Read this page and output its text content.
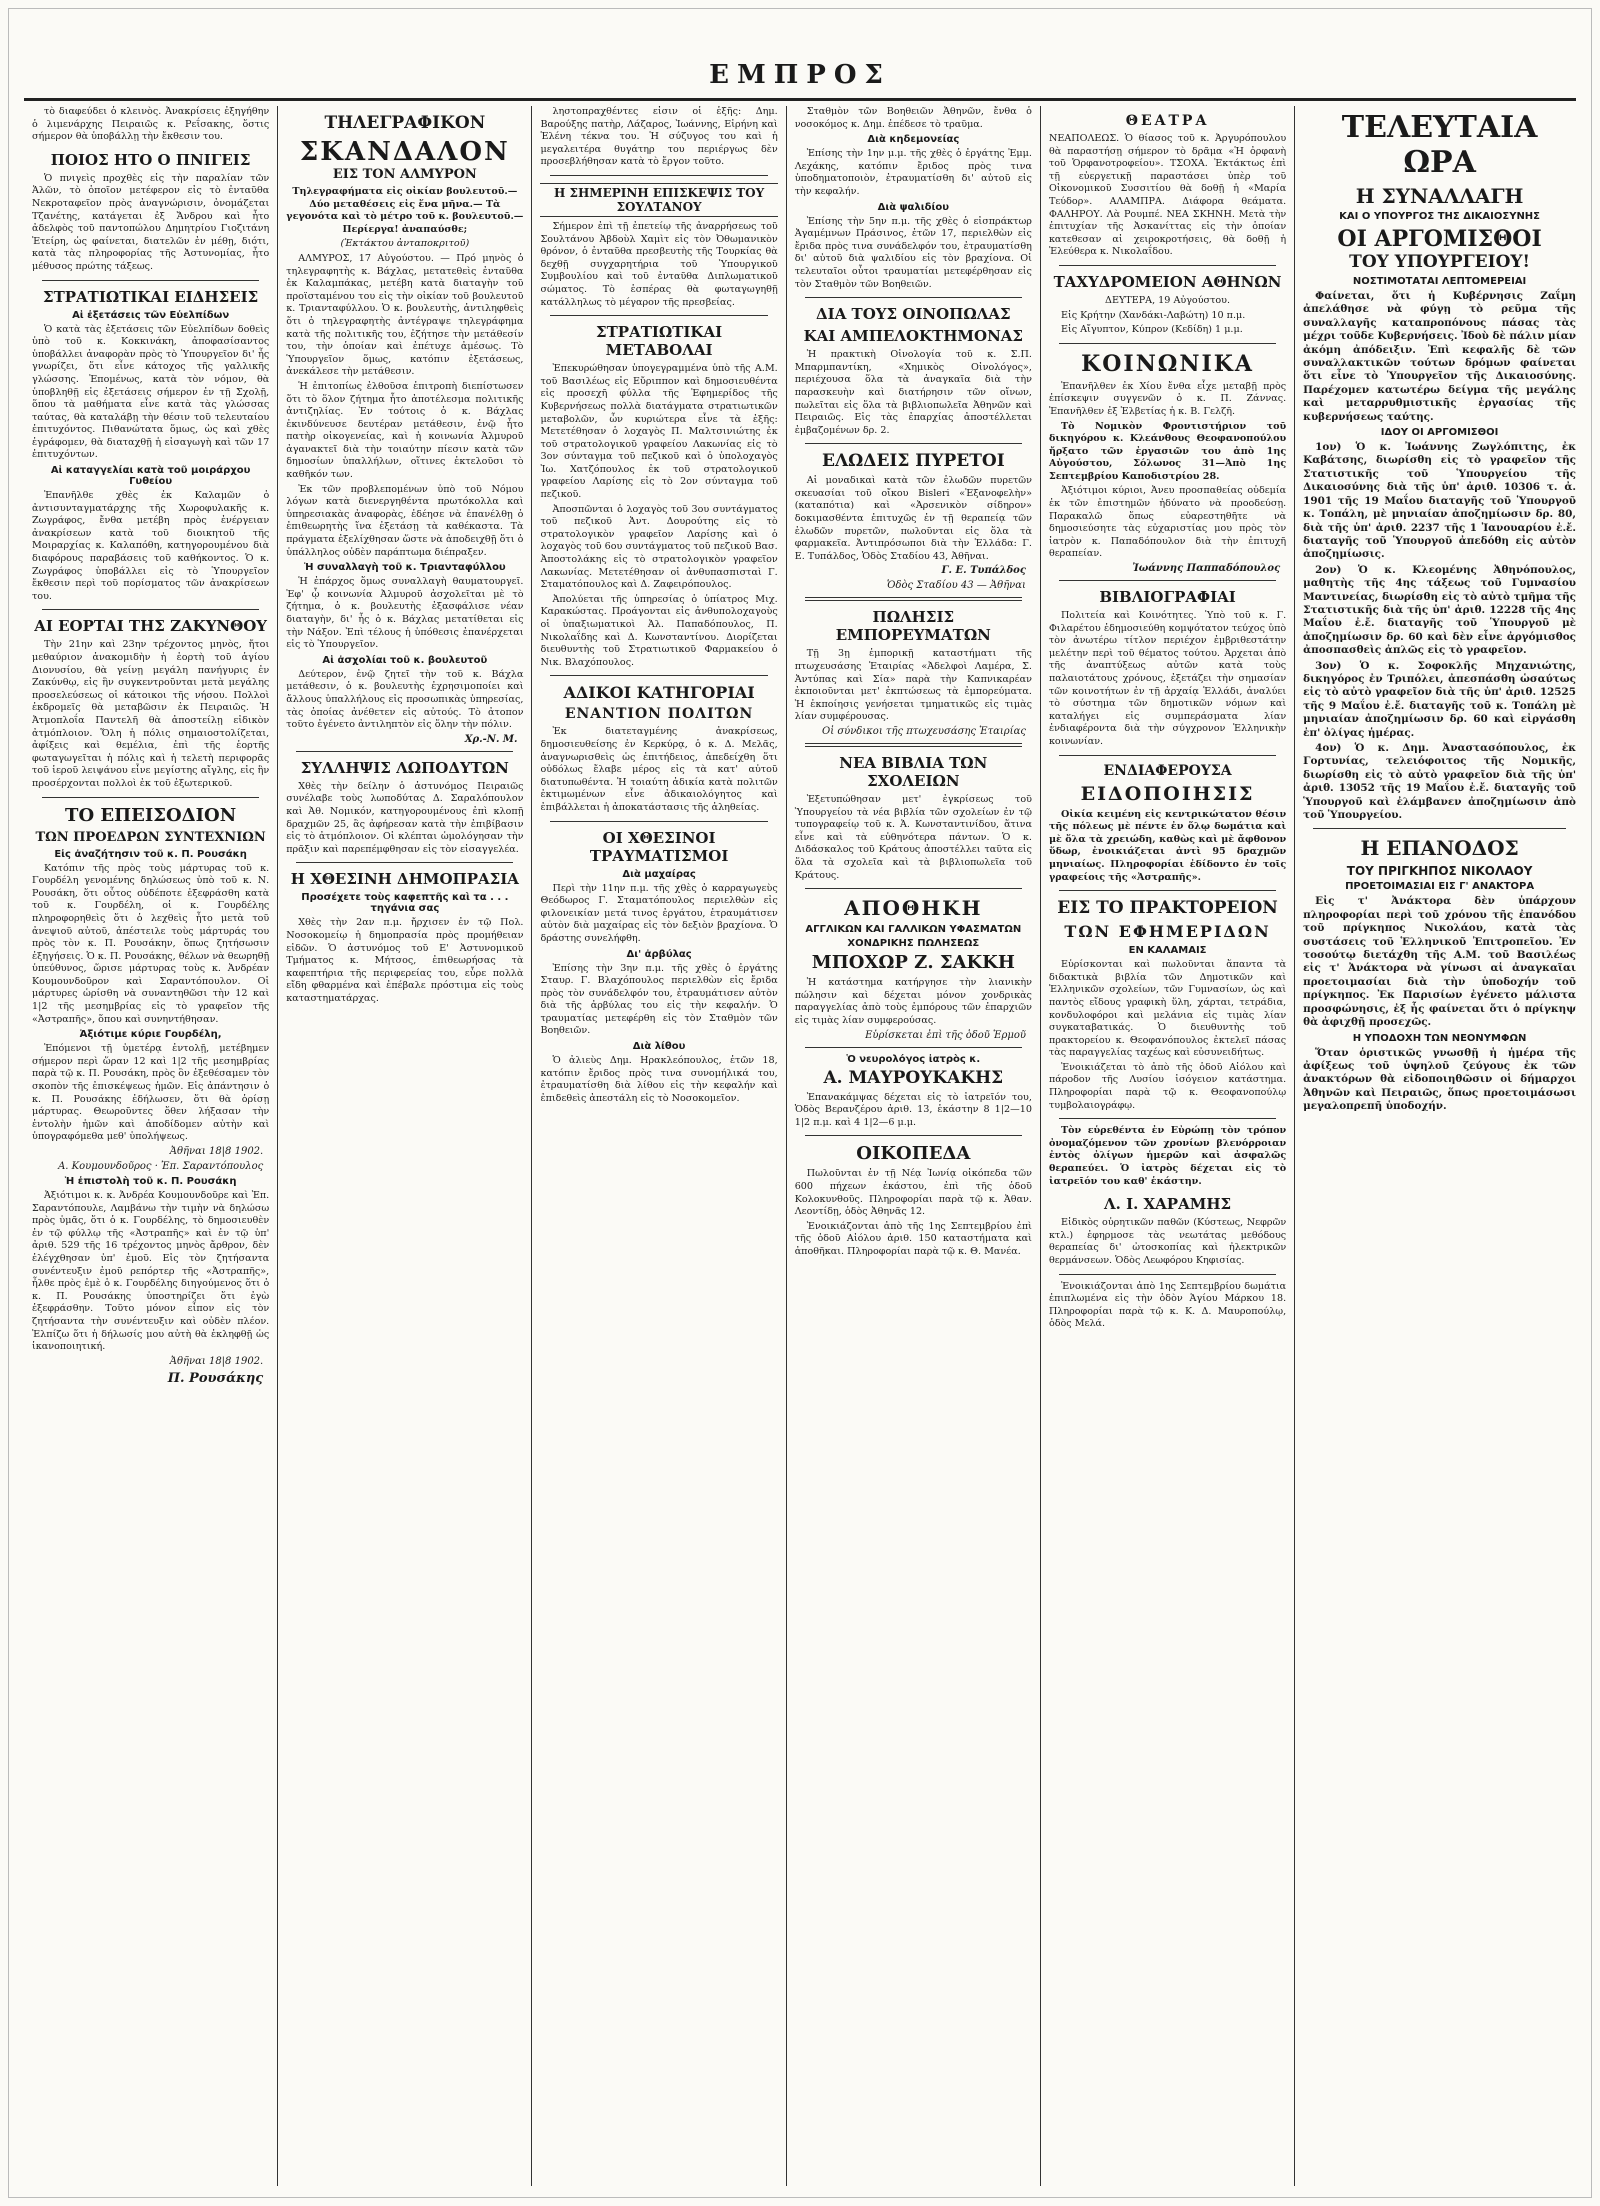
ΕΜΠΡΟΣ

τὸ διαφεύδει ὁ κλεινὸς. Ἀνακρίσεις ἐξηγήθην ὁ λιμενάρχης Πειραιῶς κ. Ρεΐσακης, ὅστις σήμερον θὰ ὑποβάλλῃ τὴν ἔκθεσιν του.

ΠΟΙΟΣ ΗΤΟ Ο ΠΝΙΓΕΙΣ

Ὁ πνιγεὶς προχθὲς εἰς τὴν παραλίαν τῶν Ἁλῶν, τὸ ὁποῖον μετέφερον εἰς τὸ ἐνταῦθα Νεκροταφεῖον πρὸς ἀναγνώρισιν, ὀνομάζεται Τζανέτης, κατάγεται ἐξ Ἄνδρου καὶ ἦτο ἀδελφὸς τοῦ παντοπώλου Δημητρίου Γιοζιτάνη Ἐτείρη, ὡς φαίνεται, διατελῶν ἐν μέθῃ, διότι, κατὰ τὰς πληροφορίας τῆς Ἀστυνομίας, ἦτο μέθυσος πρώτης τάξεως.

ΣΤΡΑΤΙΩΤΙΚΑΙ ΕΙΔΗΣΕΙΣ
Αἱ ἐξετάσεις τῶν Εὐελπίδων

Ὁ κατὰ τὰς ἐξετάσεις τῶν Εὐελπίδων δοθεὶς ὑπὸ τοῦ κ. Κοκκινάκη, ἀποφασίσαντος ὑποβάλλει ἀναφορὰν πρὸς τὸ Ὑπουργεῖον δι' ἧς γνωρίζει, ὅτι εἶνε κάτοχος τῆς γαλλικῆς γλώσσης. Ἐπομένως, κατὰ τὸν νόμον, θὰ ὑποβληθῇ εἰς ἐξετάσεις σήμερον ἐν τῇ Σχολῇ, ὅπου τὰ μαθήματα εἶνε κατὰ τὰς γλώσσας ταύτας, θὰ καταλάβῃ τὴν θέσιν τοῦ τελευταίου ἐπιτυχόντος. Πιθανώτατα ὅμως, ὡς καὶ χθὲς ἐγράφομεν, θὰ διαταχθῇ ἡ εἰσαγωγὴ καὶ τῶν 17 ἐπιτυχόντων.

Αἱ καταγγελίαι κατὰ τοῦ μοιράρχου Γυθείου

Ἐπανῆλθε χθὲς ἐκ Καλαμῶν ὁ ἀντισυνταγματάρχης τῆς Χωροφυλακῆς κ. Ζωγράφος, ἔνθα μετέβη πρὸς ἐνέργειαν ἀνακρίσεων κατὰ τοῦ διοικητοῦ τῆς Μοιραρχίας κ. Καλαπόθη, κατηγορουμένου διὰ διαφόρους παραβάσεις τοῦ καθήκοντος. Ὁ κ. Ζωγράφος ὑποβάλλει εἰς τὸ Ὑπουργεῖον ἔκθεσιν περὶ τοῦ πορίσματος τῶν ἀνακρίσεων του.

ΑΙ ΕΟΡΤΑΙ ΤΗΣ ΖΑΚΥΝΘΟΥ

Τὴν 21ην καὶ 23ην τρέχοντος μηνὸς, ἤτοι μεθαύριον ἀνακομιδὴν ἡ ἑορτὴ τοῦ ἁγίου Διονυσίου, θὰ γείνῃ μεγάλη πανήγυρις ἐν Ζακύνθῳ, εἰς ἣν συγκεντροῦνται μετὰ μεγάλης προσελεύσεως οἱ κάτοικοι τῆς νήσου. Πολλοὶ ἐκδρομεῖς θὰ μεταβῶσιν ἐκ Πειραιῶς. Ἡ Ἀτμοπλοΐα Παντελῆ θὰ ἀποστείλῃ εἰδικὸν ἀτμόπλοιον. Ὅλη ἡ πόλις σημαιοστολίζεται, ἀφίξεις καὶ θεμέλια, ἐπὶ τῆς ἑορτῆς φωταγωγεῖται ἡ πόλις καὶ ἡ τελετὴ περιφορᾶς τοῦ ἱεροῦ λειψάνου εἶνε μεγίστης αἴγλης, εἰς ἣν προσέρχονται πολλοὶ ἐκ τοῦ ἐξωτερικοῦ.

ΤΟ ΕΠΕΙΣΟΔΙΟΝ
ΤΩΝ ΠΡΟΕΔΡΩΝ ΣΥΝΤΕΧΝΙΩΝ
Εἰς ἀναζήτησιν τοῦ κ. Π. Ρουσάκη

Κατόπιν τῆς πρὸς τοὺς μάρτυρας τοῦ κ. Γουρδέλη γενομένης δηλώσεως ὑπὸ τοῦ κ. Ν. Ρουσάκη, ὅτι οὗτος οὐδέποτε ἐξεφράσθη κατὰ τοῦ κ. Γουρδέλη, οἱ κ. Γουρδέλης πληροφορηθεὶς ὅτι ὁ λεχθεὶς ἦτο μετὰ τοῦ ἀνεψιοῦ αὐτοῦ, ἀπέστειλε τοὺς μάρτυράς του πρὸς τὸν κ. Π. Ρουσάκην, ὅπως ζητήσωσιν ἐξηγήσεις. Ὁ κ. Π. Ρουσάκης, θέλων νὰ θεωρηθῇ ὑπεύθυνος, ὥρισε μάρτυρας τοὺς κ. Ἀνδρέαν Κουμουνδοῦρον καὶ Σαραντόπουλον. Οἱ μάρτυρες ὡρίσθη νὰ συναντηθῶσι τὴν 12 καὶ 1|2 τῆς μεσημβρίας εἰς τὸ γραφεῖον τῆς «Ἀστραπῆς», ὅπου καὶ συνηντήθησαν.

Ἀξιότιμε κύριε Γουρδέλη,

Ἐπόμενοι τῇ ὑμετέρᾳ ἐντολῇ, μετέβημεν σήμερον περὶ ὥραν 12 καὶ 1|2 τῆς μεσημβρίας παρὰ τῷ κ. Π. Ρουσάκη, πρὸς ὃν ἐξεθέσαμεν τὸν σκοπὸν τῆς ἐπισκέψεως ἡμῶν. Εἰς ἀπάντησιν ὁ κ. Π. Ρουσάκης ἐδήλωσεν, ὅτι θὰ ὁρίσῃ μάρτυρας. Θεωροῦντες ὅθεν λήξασαν τὴν ἐντολὴν ἡμῶν καὶ ἀποδίδομεν αὐτὴν καὶ ὑπογραφόμεθα μεθ' ὑπολήψεως.

Ἀθῆναι 18|8 1902.
Α. Κουμουνδοῦρος · Ἐπ. Σαραντόπουλος
Ἡ ἐπιστολὴ τοῦ κ. Π. Ρουσάκη

Ἀξιότιμοι κ. κ. Ἀνδρέα Κουμουνδοῦρε καὶ Ἐπ. Σαραντόπουλε, Λαμβάνω τὴν τιμὴν νὰ δηλώσω πρὸς ὑμᾶς, ὅτι ὁ κ. Γουρδέλης, τὸ δημοσιευθὲν ἐν τῷ φύλλῳ τῆς «Ἀστραπῆς» καὶ ἐν τῷ ὑπ' ἀριθ. 529 τῆς 16 τρέχοντος μηνὸς ἄρθρον, δὲν ἐλέγχθησαν ὑπ' ἐμοῦ. Εἰς τὸν ζητήσαντα συνέντευξιν ἐμοῦ ρεπόρτερ τῆς «Ἀστραπῆς», ἦλθε πρὸς ἐμὲ ὁ κ. Γουρδέλης διηγούμενος ὅτι ὁ κ. Π. Ρουσάκης ὑποστηρίζει ὅτι ἐγὼ ἐξεφράσθην. Τοῦτο μόνον εἶπον εἰς τὸν ζητήσαντα τὴν συνέντευξιν καὶ οὐδὲν πλέον. Ἐλπίζω ὅτι ἡ δήλωσίς μου αὐτὴ θὰ ἐκληφθῇ ὡς ἱκανοποιητική.

Ἀθῆναι 18|8 1902.
Π. Ρουσάκης
ΤΗΛΕΓΡΑΦΙΚΟΝ
ΣΚΑΝΔΑΛΟΝ
ΕΙΣ ΤΟΝ ΑΛΜΥΡΟΝ

Τηλεγραφήματα εἰς οἰκίαν βουλευτοῦ.— Δύο μεταθέσεις εἰς ἕνα μῆνα.— Τὰ γεγονότα καὶ τὸ μέτρο τοῦ κ. βουλευτοῦ.— Περίεργα! ἀναπαύσθε;

(Ἐκτάκτου ἀνταποκριτοῦ)

ΑΛΜΥΡΟΣ, 17 Αὐγούστου. — Πρό μηνὸς ὁ τηλεγραφητὴς κ. Βάχλας, μετατεθεὶς ἐνταῦθα ἐκ Καλαμπάκας, μετέβη κατὰ διαταγὴν τοῦ προϊσταμένου του εἰς τὴν οἰκίαν τοῦ βουλευτοῦ κ. Τριανταφύλλου. Ὁ κ. βουλευτὴς, ἀντιληφθεὶς ὅτι ὁ τηλεγραφητὴς ἀντέγραψε τηλεγράφημα κατὰ τῆς πολιτικῆς του, ἐζήτησε τὴν μετάθεσίν του, τὴν ὁποίαν καὶ ἐπέτυχε ἀμέσως. Τὸ Ὑπουργεῖον ὅμως, κατόπιν ἐξετάσεως, ἀνεκάλεσε τὴν μετάθεσιν.

Ἡ ἐπιτοπίως ἐλθοῦσα ἐπιτροπὴ διεπίστωσεν ὅτι τὸ ὅλον ζήτημα ἦτο ἀποτέλεσμα πολιτικῆς ἀντιζηλίας. Ἐν τούτοις ὁ κ. Βάχλας ἐκινδύνευσε δευτέραν μετάθεσιν, ἐνῷ ἦτο πατὴρ οἰκογενείας, καὶ ἡ κοινωνία Ἀλμυροῦ ἀγανακτεῖ διὰ τὴν τοιαύτην πίεσιν κατὰ τῶν δημοσίων ὑπαλλήλων, οἵτινες ἐκτελοῦσι τὸ καθῆκόν των.

Ἐκ τῶν προβλεπομένων ὑπὸ τοῦ Νόμου λόγων κατὰ διενεργηθέντα πρωτόκολλα καὶ ὑπηρεσιακὰς ἀναφορὰς, ἐδέησε νὰ ἐπανέλθῃ ὁ ἐπιθεωρητὴς ἵνα ἐξετάσῃ τὰ καθέκαστα. Τὰ πράγματα ἐξελίχθησαν ὥστε νὰ ἀποδειχθῇ ὅτι ὁ ὑπάλληλος οὐδὲν παράπτωμα διέπραξεν.

Ἡ συναλλαγὴ τοῦ κ. Τριανταφύλλου

Ἡ ἐπάρχος ὅμως συναλλαγὴ θαυματουργεῖ. Ἐφ' ᾧ κοινωνία Ἀλμυροῦ ἀσχολεῖται μὲ τὸ ζήτημα, ὁ κ. βουλευτὴς ἐξασφάλισε νέαν διαταγὴν, δι' ἧς ὁ κ. Βάχλας μετατίθεται εἰς τὴν Νάξον. Ἐπὶ τέλους ἡ ὑπόθεσις ἐπανέρχεται εἰς τὸ Ὑπουργεῖον.

Αἱ ἀσχολίαι τοῦ κ. βουλευτοῦ

Δεύτερον, ἐνῷ ζητεῖ τὴν τοῦ κ. Βάχλα μετάθεσιν, ὁ κ. βουλευτὴς ἐχρησιμοποίει καὶ ἄλλους ὑπαλλήλους εἰς προσωπικὰς ὑπηρεσίας, τὰς ὁποίας ἀνέθετεν εἰς αὐτούς. Τὸ ἀτοπον τοῦτο ἐγένετο ἀντιληπτὸν εἰς ὅλην τὴν πόλιν.

Χρ.-Ν. Μ.
ΣΥΛΛΗΨΙΣ ΛΩΠΟΔΥΤΩΝ

Χθὲς τὴν δείλην ὁ ἀστυνόμος Πειραιῶς συνέλαβε τοὺς λωποδύτας Δ. Σαραλόπουλον καὶ Ἀθ. Νομικόν, κατηγορουμένους ἐπὶ κλοπῇ δραχμῶν 25, ἃς ἀφήρεσαν κατὰ τὴν ἐπιβίβασιν εἰς τὸ ἀτμόπλοιον. Οἱ κλέπται ὡμολόγησαν τὴν πρᾶξιν καὶ παρεπέμφθησαν εἰς τὸν εἰσαγγελέα.

Η ΧΘΕΣΙΝΗ ΔΗΜΟΠΡΑΣΙΑ
Προσέχετε τοὺς καφεπτῆς καὶ τα . . . τηγάνια σας

Χθὲς τὴν 2αν π.μ. ἤρχισεν ἐν τῷ Πολ. Νοσοκομείῳ ἡ δημοπρασία πρὸς προμήθειαν εἰδῶν. Ὁ ἀστυνόμος τοῦ Ε' Ἀστυνομικοῦ Τμήματος κ. Μήτσος, ἐπιθεωρήσας τὰ καφεπτήρια τῆς περιφερείας του, εὗρε πολλὰ εἴδη φθαρμένα καὶ ἐπέβαλε πρόστιμα εἰς τοὺς καταστηματάρχας.

ληστοπραχθέντες εἶσιν οἱ ἑξῆς: Δημ. Βαρούξης πατὴρ, Λάζαρος, Ἰωάννης, Εἰρήνη καὶ Ἑλένη τέκνα του. Ἡ σύζυγος του καὶ ἡ μεγαλειτέρα θυγάτηρ του περιέργως δὲν προσεβλήθησαν κατὰ τὸ ἔργον τοῦτο.

Η ΣΗΜΕΡΙΝΗ ΕΠΙΣΚΕΨΙΣ ΤΟΥ ΣΟΥΛΤΑΝΟΥ

Σήμερον ἐπὶ τῇ ἐπετείῳ τῆς ἀναρρήσεως τοῦ Σουλτάνου Ἀβδοὺλ Χαμὶτ εἰς τὸν Ὀθωμανικὸν θρόνον, ὁ ἐνταῦθα πρεσβευτὴς τῆς Τουρκίας θὰ δεχθῇ συγχαρητήρια τοῦ Ὑπουργικοῦ Συμβουλίου καὶ τοῦ ἐνταῦθα Διπλωματικοῦ σώματος. Τὸ ἑσπέρας θὰ φωταγωγηθῇ κατάλληλως τὸ μέγαρον τῆς πρεσβείας.

ΣΤΡΑΤΙΩΤΙΚΑΙ ΜΕΤΑΒΟΛΑΙ

Ἐπεκυρώθησαν ὑπογεγραμμένα ὑπὸ τῆς Α.Μ. τοῦ Βασιλέως εἰς Εὔριππον καὶ δημοσιευθέντα εἰς προσεχῆ φύλλα τῆς Ἐφημερίδος τῆς Κυβερνήσεως πολλὰ διατάγματα στρατιωτικῶν μεταβολῶν, ὧν κυριώτερα εἶνε τὰ ἑξῆς: Μετετέθησαν ὁ λοχαγὸς Π. Μαλτσινιώτης ἐκ τοῦ στρατολογικοῦ γραφείου Λακωνίας εἰς τὸ 3ον σύνταγμα τοῦ πεζικοῦ καὶ ὁ ὑπολοχαγὸς Ἰω. Χατζόπουλος ἐκ τοῦ στρατολογικοῦ γραφείου Λαρίσης εἰς τὸ 2ον σύνταγμα τοῦ πεζικοῦ.

Ἀποσπῶνται ὁ λοχαγὸς τοῦ 3ου συντάγματος τοῦ πεζικοῦ Ἀντ. Δουρούτης εἰς τὸ στρατολογικὸν γραφεῖον Λαρίσης καὶ ὁ λοχαγὸς τοῦ 6ου συντάγματος τοῦ πεζικοῦ Βασ. Ἀποστολάκης εἰς τὸ στρατολογικὸν γραφεῖον Λακωνίας. Μετετέθησαν οἱ ἀνθυπασπισταὶ Γ. Σταματόπουλος καὶ Δ. Ζαφειρόπουλος.

Ἀπολύεται τῆς ὑπηρεσίας ὁ ὑπίατρος Μιχ. Καρακώστας. Προάγονται εἰς ἀνθυπολοχαγοὺς οἱ ὑπαξιωματικοὶ Ἀλ. Παπαδόπουλος, Π. Νικολαΐδης καὶ Δ. Κωνσταντίνου. Διορίζεται διευθυντὴς τοῦ Στρατιωτικοῦ Φαρμακείου ὁ Νικ. Βλαχόπουλος.

ΑΔΙΚΟΙ ΚΑΤΗΓΟΡΙΑΙ
ΕΝΑΝΤΙΟΝ ΠΟΛΙΤΩΝ

Ἐκ διατεταγμένης ἀνακρίσεως, δημοσιευθείσης ἐν Κερκύρᾳ, ὁ κ. Δ. Μελᾶς, ἀναγνωρισθεὶς ὡς ἐπιτήδειος, ἀπεδείχθη ὅτι οὐδόλως ἔλαβε μέρος εἰς τὰ κατ' αὐτοῦ διατυπωθέντα. Ἡ τοιαύτη ἀδικία κατὰ πολιτῶν ἐκτιμωμένων εἶνε ἀδικαιολόγητος καὶ ἐπιβάλλεται ἡ ἀποκατάστασις τῆς ἀληθείας.

ΟΙ ΧΘΕΣΙΝΟΙ ΤΡΑΥΜΑΤΙΣΜΟΙ
Διὰ μαχαίρας

Περὶ τὴν 11ην π.μ. τῆς χθὲς ὁ καρραγωγεὺς Θεόδωρος Γ. Σταματόπουλος περιελθὼν εἰς φιλονεικίαν μετά τινος ἐργάτου, ἐτραυμάτισεν αὐτὸν διὰ μαχαίρας εἰς τὸν δεξιὸν βραχίονα. Ὁ δράστης συνελήφθη.

Δι' ἀρβύλας

Ἐπίσης τὴν 3ην π.μ. τῆς χθὲς ὁ ἐργάτης Σταυρ. Γ. Βλαχόπουλος περιελθὼν εἰς ἔριδα πρὸς τὸν συνάδελφόν του, ἐτραυμάτισεν αὐτὸν διὰ τῆς ἀρβύλας του εἰς τὴν κεφαλήν. Ὁ τραυματίας μετεφέρθη εἰς τὸν Σταθμὸν τῶν Βοηθειῶν.

Διὰ λίθου

Ὁ ἀλιεὺς Δημ. Ηρακλεόπουλος, ἐτῶν 18, κατόπιν ἔριδος πρὸς τινα συνομήλικά του, ἐτραυματίσθη διὰ λίθου εἰς τὴν κεφαλήν καὶ ἐπιδεθεὶς ἀπεστάλη εἰς τὸ Νοσοκομεῖον.

Σταθμὸν τῶν Βοηθειῶν Ἀθηνῶν, ἔνθα ὁ νοσοκόμος κ. Δημ. ἐπέδεσε τὸ τραῦμα.

Διὰ κηδεμονείας

Ἐπίσης τὴν 1ην μ.μ. τῆς χθὲς ὁ ἐργάτης Ἐμμ. Λεχάκης, κατόπιν ἔριδος πρὸς τινα ὑποδηματοποιὸν, ἐτραυματίσθη δι' αὐτοῦ εἰς τὴν κεφαλήν.

Διὰ ψαλιδίου

Ἐπίσης τὴν 5ην π.μ. τῆς χθὲς ὁ εἰσπράκτωρ Ἀγαμέμνων Πράσινος, ἐτῶν 17, περιελθὼν εἰς ἔριδα πρὸς τινα συνάδελφόν του, ἐτραυματίσθη δι' αὐτοῦ διὰ ψαλιδίου εἰς τὸν βραχίονα. Οἱ τελευταῖοι οὗτοι τραυματίαι μετεφέρθησαν εἰς τὸν Σταθμὸν τῶν Βοηθειῶν.

ΔΙΑ ΤΟΥΣ ΟΙΝΟΠΩΛΑΣ
ΚΑΙ ΑΜΠΕΛΟΚΤΗΜΟΝΑΣ

Ἡ πρακτικὴ Οἰνολογία τοῦ κ. Σ.Π. Μπαρμπαντίκη, «Χημικὸς Οἰνολόγος», περιέχουσα ὅλα τὰ ἀναγκαῖα διὰ τὴν παρασκευὴν καὶ διατήρησιν τῶν οἴνων, πωλεῖται εἰς ὅλα τὰ βιβλιοπωλεῖα Ἀθηνῶν καὶ Πειραιῶς. Εἰς τὰς ἐπαρχίας ἀποστέλλεται ἐμβαζομένων δρ. 2.

ΕΛΩΔΕΙΣ ΠΥΡΕΤΟΙ

Αἱ μοναδικαὶ κατὰ τῶν ἑλωδῶν πυρετῶν σκευασίαι τοῦ οἴκου Bisleri «Ἐξανοφελὴν» (καταπότια) καὶ «Ἀρσενικὸν σίδηρον» δοκιμασθέντα ἐπιτυχῶς ἐν τῇ θεραπείᾳ τῶν ἑλωδῶν πυρετῶν, πωλοῦνται εἰς ὅλα τὰ φαρμακεῖα. Ἀντιπρόσωποι διὰ τὴν Ἑλλάδα: Γ. Ε. Τυπάλδος, Ὁδὸς Σταδίου 43, Ἀθῆναι.

Γ. Ε. Τυπάλδος
Ὁδὸς Σταδίου 43 — Ἀθῆναι
ΠΩΛΗΣΙΣ ΕΜΠΟΡΕΥΜΑΤΩΝ

Τῇ 3ῃ ἐμπορικῇ καταστήματι τῆς πτωχευσάσης Ἑταιρίας «Ἀδελφοὶ Λαμέρα, Σ. Ἀντύπας καὶ Σία» παρὰ τὴν Καπνικαρέαν ἐκποιοῦνται μετ' ἐκπτώσεως τὰ ἐμπορεύματα. Ἡ ἐκποίησις γενήσεται τμηματικῶς εἰς τιμὰς λίαν συμφέρουσας.

Οἱ σύνδικοι τῆς πτωχευσάσης Ἑταιρίας
ΝΕΑ ΒΙΒΛΙΑ ΤΩΝ ΣΧΟΛΕΙΩΝ

Ἐξετυπώθησαν μετ' ἐγκρίσεως τοῦ Ὑπουργείου τὰ νέα βιβλία τῶν σχολείων ἐν τῷ τυπογραφείῳ τοῦ κ. Ἀ. Κωνσταντινίδου, ἅτινα εἶνε καὶ τὰ εὐθηνότερα πάντων. Ὁ κ. Διδάσκαλος τοῦ Κράτους ἀποστέλλει ταῦτα εἰς ὅλα τὰ σχολεῖα καὶ τὰ βιβλιοπωλεῖα τοῦ Κράτους.

ΑΠΟΘΗΚΗ
ΑΓΓΛΙΚΩΝ ΚΑΙ ΓΑΛΛΙΚΩΝ ΥΦΑΣΜΑΤΩΝ
ΧΟΝΔΡΙΚΗΣ ΠΩΛΗΣΕΩΣ
ΜΠΟΧΩΡ Ζ. ΣΑΚΚΗ

Ἡ κατάστημα κατήργησε τὴν λιανικὴν πώλησιν καὶ δέχεται μόνον χονδρικὰς παραγγελίας ἀπὸ τοὺς ἐμπόρους τῶν ἐπαρχιῶν εἰς τιμὰς λίαν συμφερούσας.

Εὑρίσκεται ἐπὶ τῆς ὁδοῦ Ἑρμοῦ
Ὁ νευρολόγος ἰατρὸς κ.
Α. ΜΑΥΡΟΥΚΑΚΗΣ

Ἐπανακάμψας δέχεται εἰς τὸ ἰατρεῖόν του, Ὁδὸς Βερανζέρου ἀριθ. 13, ἑκάστην 8 1|2—10 1|2 π.μ. καὶ 4 1|2—6 μ.μ.

ΟΙΚΟΠΕΔΑ

Πωλοῦνται ἐν τῇ Νέᾳ Ἰωνίᾳ οἰκόπεδα τῶν 600 πήχεων ἐκάστου, ἐπὶ τῆς ὁδοῦ Κολοκυνθοῦς. Πληροφορίαι παρὰ τῷ κ. Ἀθαν. Λεοντίδῃ, ὁδὸς Ἀθηνᾶς 12.

Ἐνοικιάζονται ἀπὸ τῆς 1ης Σεπτεμβρίου ἐπὶ τῆς ὁδοῦ Αἰόλου ἀριθ. 150 καταστήματα καὶ ἀποθῆκαι. Πληροφορίαι παρὰ τῷ κ. Θ. Μανέα.

ΘΕΑΤΡΑ

ΝΕΑΠΟΛΕΩΣ. Ὁ θίασος τοῦ κ. Ἀργυρόπουλου θὰ παραστήσῃ σήμερον τὸ δρᾶμα «Ἡ ὀρφανὴ τοῦ Ὁρφανοτροφείου». ΤΣΟΧΑ. Ἐκτάκτως ἐπὶ τῇ εὐεργετικῇ παραστάσει ὑπὲρ τοῦ Οἰκονομικοῦ Συσσιτίου θὰ δοθῇ ἡ «Μαρία Τεύδορ». ΑΛΑΜΠΡΑ. Διάφορα θεάματα. ΦΑΛΗΡΟΥ. Λὰ Ρουμπέ. ΝΕΑ ΣΚΗΝΗ. Μετὰ τὴν ἐπιτυχίαν τῆς Ἀσκανίττας εἰς τὴν ὁποίαν κατεθεσαν αἱ χειροκροτήσεις, θὰ δοθῇ ἡ Ἐλεύθερα κ. Νικολαΐδου.

ΤΑΧΥΔΡΟΜΕΙΟΝ ΑΘΗΝΩΝ

ΔΕΥΤΕΡΑ, 19 Αὐγούστου.

Εἰς Κρήτην (Χανδάκι-Λαβώτη) 10 π.μ.

Εἰς Αἴγυπτον, Κύπρον (Κεδίδη) 1 μ.μ.

ΚΟΙΝΩΝΙΚΑ

Ἐπανῆλθεν ἐκ Χίου ἔνθα εἶχε μεταβῇ πρὸς ἐπίσκεψιν συγγενῶν ὁ κ. Π. Ζάννας. Ἐπανῆλθεν ἐξ Ἑλβετίας ἡ κ. Β. Γελζῆ.

Τὸ Νομικὸν Φροντιστήριον τοῦ δικηγόρου κ. Κλεάνθους Θεοφανοπούλου ἤρξατο τῶν ἐργασιῶν του ἀπὸ 1ης Αὐγούστου, Σόλωνος 31—Ἀπὸ 1ης Σεπτεμβρίου Καποδιστρίου 28.

Ἀξιότιμοι κύριοι, Ἀνευ προσπαθείας οὐδεμία ἐκ τῶν ἐπιστημῶν ἠδύνατο νὰ προοδεύσῃ. Παρακαλῶ ὅπως εὐαρεστηθῆτε νὰ δημοσιεύσητε τὰς εὐχαριστίας μου πρὸς τὸν ἰατρὸν κ. Παπαδόπουλον διὰ τὴν ἐπιτυχῆ θεραπείαν.

Ἰωάννης Παππαδόπουλος
ΒΙΒΛΙΟΓΡΑΦΙΑΙ

Πολιτεία καὶ Κοινότητες. Ὑπὸ τοῦ κ. Γ. Φιλαρέτου ἐδημοσιεύθη κομψότατον τεύχος ὑπὸ τὸν ἀνωτέρω τίτλον περιέχον ἐμβριθεστάτην μελέτην περὶ τοῦ θέματος τούτου. Ἀρχεται ἀπὸ τῆς ἀναπτύξεως αὐτῶν κατὰ τοὺς παλαιοτάτους χρόνους, ἐξετάζει τὴν σημασίαν τῶν κοινοτήτων ἐν τῇ ἀρχαίᾳ Ἑλλάδι, ἀναλύει τὸ σύστημα τῶν δημοτικῶν νόμων καὶ καταλήγει εἰς συμπεράσματα λίαν ἐνδιαφέροντα διὰ τὴν σύγχρονον Ἑλληνικὴν κοινωνίαν.

ΕΝΔΙΑΦΕΡΟΥΣΑ
ΕΙΔΟΠΟΙΗΣΙΣ

Οἰκία κειμένη εἰς κεντρικώτατον θέσιν τῆς πόλεως μὲ πέντε ἐν ὅλῳ δωμάτια καὶ μὲ ὅλα τὰ χρειώδη, καθὼς καὶ μὲ ἄφθονον ὕδωρ, ἐνοικιάζεται ἀντὶ 95 δραχμῶν μηνιαίως. Πληροφορίαι ἐδίδοντο ἐν τοῖς γραφείοις τῆς «Ἀστραπῆς».

ΕΙΣ ΤΟ ΠΡΑΚΤΟΡΕΙΟΝ
ΤΩΝ ΕΦΗΜΕΡΙΔΩΝ
ΕΝ ΚΑΛΑΜΑΙΣ

Εὑρίσκονται καὶ πωλοῦνται ἅπαντα τὰ διδακτικὰ βιβλία τῶν Δημοτικῶν καὶ Ἑλληνικῶν σχολείων, τῶν Γυμνασίων, ὡς καὶ παντὸς εἴδους γραφικὴ ὕλη, χάρται, τετράδια, κονδυλοφόροι καὶ μελάνια εἰς τιμὰς λίαν συγκαταβατικάς. Ὁ διευθυντὴς τοῦ πρακτορείου κ. Θεοφανόπουλος ἐκτελεῖ πάσας τὰς παραγγελίας ταχέως καὶ εὐσυνειδήτως.

Ἐνοικιάζεται τὸ ἀπὸ τῆς ὁδοῦ Αἰόλου καὶ πάροδον τῆς Λυσίου ἰσόγειον κατάστημα. Πληροφορίαι παρὰ τῷ κ. Θεοφανοπούλῳ τυμβολαιογράφῳ.

Τὸν εὑρεθέντα ἐν Εὐρώπῃ τὸν τρόπον ὀνομαζόμενον τῶν χρονίων βλενόρροιαν ἐντὸς ὀλίγων ἡμερῶν καὶ ἀσφαλῶς θεραπεύει. Ὁ ἰατρὸς δέχεται εἰς τὸ ἰατρεῖόν του καθ' ἑκάστην.

Λ. Ι. ΧΑΡΑΜΗΣ

Εἰδικὸς οὐρητικῶν παθῶν (Κύστεως, Νεφρῶν κτλ.) ἐφηρμοσε τὰς νεωτάτας μεθόδους θεραπείας δι' ὠτοσκοπίας καὶ ἠλεκτρικῶν θερμάνσεων. Ὁδὸς Λεωφόρου Κηφισίας.

Ἐνοικιάζονται ἀπὸ 1ης Σεπτεμβρίου δωμάτια ἐπιπλωμένα εἰς τὴν ὁδὸν Ἁγίου Μάρκου 18. Πληροφορίαι παρὰ τῷ κ. Κ. Δ. Μαυροπούλῳ, ὁδὸς Μελά.

ΤΕΛΕΥΤΑΙΑ ΩΡΑ
Η ΣΥΝΑΛΛΑΓΗ
ΚΑΙ Ο ΥΠΟΥΡΓΟΣ ΤΗΣ ΔΙΚΑΙΟΣΥΝΗΣ
ΟΙ ΑΡΓΟΜΙΣΘΟΙ
ΤΟΥ ΥΠΟΥΡΓΕΙΟΥ!
ΝΟΣΤΙΜΟΤΑΤΑΙ ΛΕΠΤΟΜΕΡΕΙΑΙ

Φαίνεται, ὅτι ἡ Κυβέρνησις Ζαΐμη ἀπελάθησε νὰ φύγῃ τὸ ρεῦμα τῆς συναλλαγῆς καταπροπόνους πάσας τὰς μέχρι τοῦδε Κυβερνήσεις. Ἰδοὺ δὲ πάλιν μίαν ἀκόμη ἀπόδειξιν. Ἐπὶ κεφαλῆς δὲ τῶν συναλλακτικῶν τούτων δρόμων φαίνεται ὅτι εἶνε τὸ Ὑπουργεῖον τῆς Δικαιοσύνης. Παρέχομεν κατωτέρω δείγμα τῆς μεγάλης καὶ μεταρρυθμιστικῆς ἐργασίας τῆς κυβερνήσεως ταύτης.

ΙΔΟΥ ΟΙ ΑΡΓΟΜΙΣΘΟΙ

1ον) Ὁ κ. Ἰωάννης Ζωγλόπιτης, ἐκ Καβάτσης, διωρίσθη εἰς τὸ γραφεῖον τῆς Στατιστικῆς τοῦ Ὑπουργείου τῆς Δικαιοσύνης διὰ τῆς ὑπ' ἀριθ. 10306 τ. ἀ. 1901 τῆς 19 Μαΐου διαταγῆς τοῦ Ὑπουργοῦ κ. Τοπάλη, μὲ μηνιαίαν ἀποζημίωσιν δρ. 80, διὰ τῆς ὑπ' ἀριθ. 2237 τῆς 1 Ἰανουαρίου ἐ.ἔ. διαταγῆς τοῦ Ὑπουργοῦ ἀπεδόθη εἰς αὐτὸν ἀποζημίωσις.

2ον) Ὁ κ. Κλεομένης Ἀθηνόπουλος, μαθητὴς τῆς 4ης τάξεως τοῦ Γυμνασίου Μαντινείας, διωρίσθη εἰς τὸ αὐτὸ τμῆμα τῆς Στατιστικῆς διὰ τῆς ὑπ' ἀριθ. 12228 τῆς 4ης Μαΐου ἐ.ἔ. διαταγῆς τοῦ Ὑπουργοῦ μὲ ἀποζημίωσιν δρ. 60 καὶ δὲν εἶνε ἀργόμισθος ἀποσπασθεὶς ἀπλῶς εἰς τὸ γραφεῖον.

3ον) Ὁ κ. Σοφοκλῆς Μηχανιώτης, δικηγόρος ἐν Τριπόλει, ἀπεσπάσθη ὡσαύτως εἰς τὸ αὐτὸ γραφεῖον διὰ τῆς ὑπ' ἀριθ. 12525 τῆς 9 Μαΐου ἐ.ἔ. διαταγῆς τοῦ κ. Τοπάλη μὲ μηνιαίαν ἀποζημίωσιν δρ. 60 καὶ εἰργάσθη ἐπ' ὀλίγας ἡμέρας.

4ον) Ὁ κ. Δημ. Ἀναστασόπουλος, ἐκ Γορτυνίας, τελειόφοιτος τῆς Νομικῆς, διωρίσθη εἰς τὸ αὐτὸ γραφεῖον διὰ τῆς ὑπ' ἀριθ. 13052 τῆς 19 Μαΐου ἐ.ἔ. διαταγῆς τοῦ Ὑπουργοῦ καὶ ἐλάμβανεν ἀποζημίωσιν ἀπὸ τοῦ Ὑπουργείου.

Η ΕΠΑΝΟΔΟΣ
ΤΟΥ ΠΡΙΓΚΗΠΟΣ ΝΙΚΟΛΑΟΥ
ΠΡΟΕΤΟΙΜΑΣΙΑΙ ΕΙΣ Γ' ΑΝΑΚΤΟΡΑ

Εἰς τ' Ἀνάκτορα δὲν ὑπάρχουν πληροφορίαι περὶ τοῦ χρόνου τῆς ἐπανόδου τοῦ πρίγκηπος Νικολάου, κατὰ τὰς συστάσεις τοῦ Ἑλληνικοῦ Ἐπιτροπεῖου. Ἐν τοσούτῳ διετάχθη τῆς Α.Μ. τοῦ Βασιλέως εἰς τ' Ἀνάκτορα νὰ γίνωσι αἱ ἀναγκαῖαι προετοιμασίαι διὰ τὴν ὑποδοχήν τοῦ πρίγκηπος. Ἐκ Παρισίων ἐγένετο μάλιστα προσφώνησις, ἐξ ἧς φαίνεται ὅτι ὁ πρίγκηψ θὰ ἀφιχθῇ προσεχῶς.

Η ΥΠΟΔΟΧΗ ΤΩΝ ΝΕΟΝΥΜΦΩΝ

Ὅταν ὁριστικῶς γνωσθῇ ἡ ἡμέρα τῆς ἀφίξεως τοῦ ὑψηλοῦ ζεύγους ἐκ τῶν ἀνακτόρων θὰ εἰδοποιηθῶσιν οἱ δήμαρχοι Ἀθηνῶν καὶ Πειραιῶς, ὅπως προετοιμάσωσι μεγαλοπρεπῆ ὑποδοχήν.
